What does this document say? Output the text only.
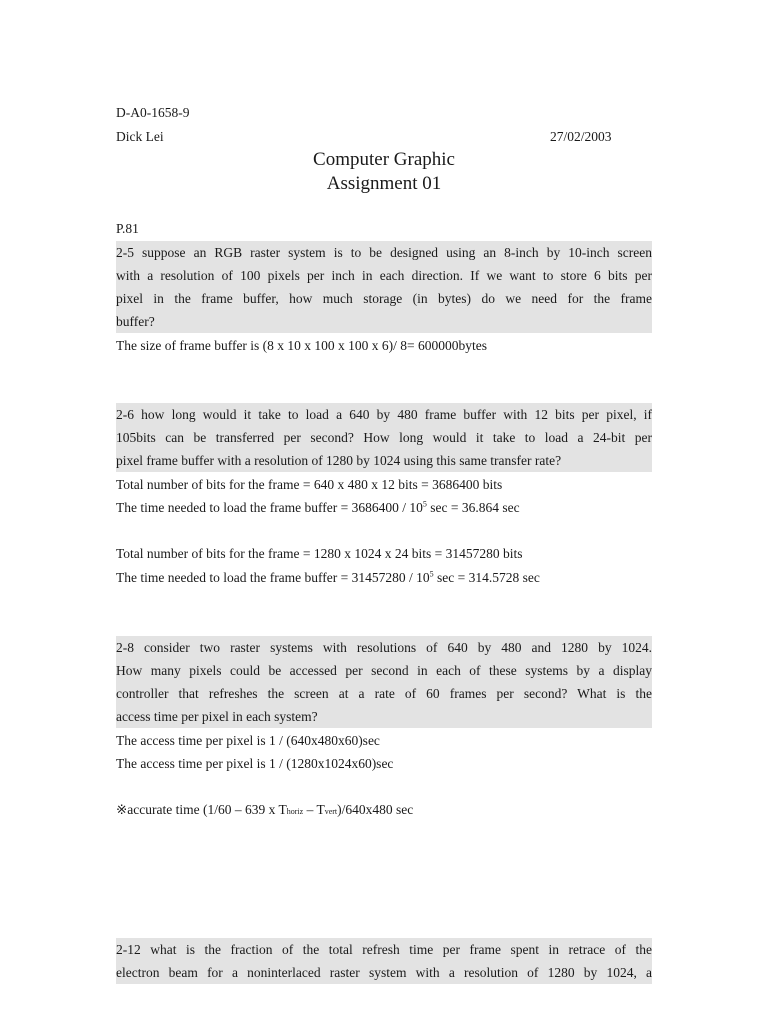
D-A0-1658-9
Dick Lei	27/02/2003
Computer Graphic
Assignment 01
P.81
2-5 suppose an RGB raster system is to be designed using an 8-inch by 10-inch screen
with a resolution of 100 pixels per inch in each direction. If we want to store 6 bits per
pixel in the frame buffer, how much storage (in bytes) do we need for the frame
buffer?
The size of frame buffer is (8 x 10 x 100 x 100 x 6)/ 8= 600000bytes
2-6 how long would it take to load a 640 by 480 frame buffer with 12 bits per pixel, if
105bits can be transferred per second? How long would it take to load a 24-bit per
pixel frame buffer with a resolution of 1280 by 1024 using this same transfer rate?
Total number of bits for the frame = 640 x 480 x 12 bits = 3686400 bits
The time needed to load the frame buffer = $3686400 / 10^5$ sec = 36.864 sec
Total number of bits for the frame = 1280 x 1024 x 24 bits = 31457280 bits
The time needed to load the frame buffer = $31457280 / 10^5$ sec = 314.5728 sec
2-8 consider two raster systems with resolutions of 640 by 480 and 1280 by 1024.
How many pixels could be accessed per second in each of these systems by a display
controller that refreshes the screen at a rate of 60 frames per second? What is the
access time per pixel in each system?
The access time per pixel is 1 / (640x480x60)sec
The access time per pixel is 1 / (1280x1024x60)sec
※accurate time (1/60 – 639 x Thoriz – Tvert)/640x480 sec
2-12 what is the fraction of the total refresh time per frame spent in retrace of the
electron beam for a noninterlaced raster system with a resolution of 1280 by 1024, a
